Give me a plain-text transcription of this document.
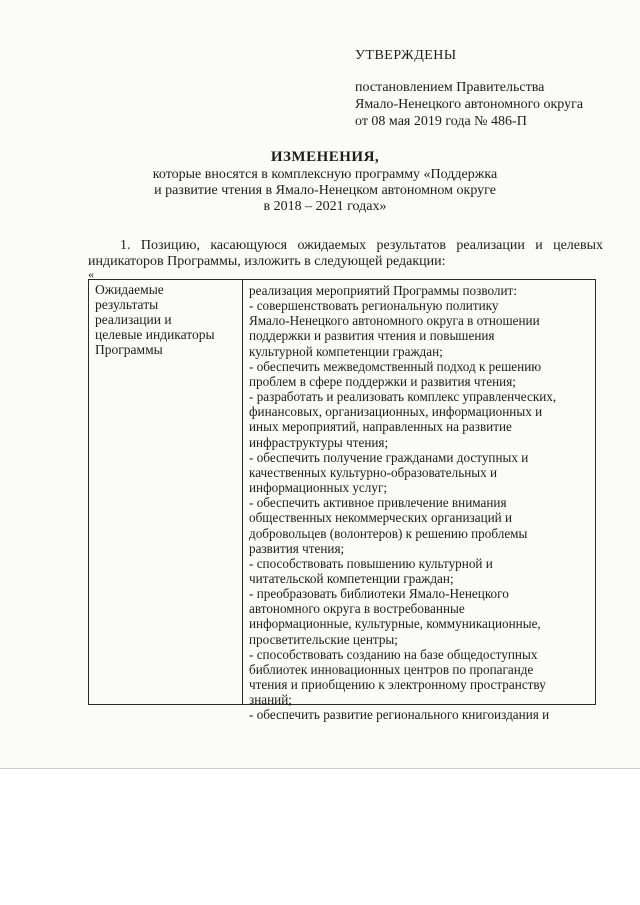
УТВЕРЖДЕНЫ
постановлением Правительства
Ямало-Ненецкого автономного округа
от 08 мая 2019 года № 486-П
ИЗМЕНЕНИЯ,
которые вносятся в комплексную программу «Поддержка
и развитие чтения в Ямало-Ненецком автономном округе
в 2018 – 2021 годах»
1. Позицию, касающуюся ожидаемых результатов реализации и целевых
индикаторов Программы, изложить в следующей редакции:
«
Ожидаемые
результаты
реализации и
целевые индикаторы
Программы
реализация мероприятий Программы позволит:
- совершенствовать региональную политику
Ямало-Ненецкого автономного округа в отношении
поддержки и развития чтения и повышения
культурной компетенции граждан;
- обеспечить межведомственный подход к решению
проблем в сфере поддержки и развития чтения;
- разработать и реализовать комплекс управленческих,
финансовых, организационных, информационных и
иных мероприятий, направленных на развитие
инфраструктуры чтения;
- обеспечить получение гражданами доступных и
качественных культурно-образовательных и
информационных услуг;
- обеспечить активное привлечение внимания
общественных некоммерческих организаций и
добровольцев (волонтеров) к решению проблемы
развития чтения;
- способствовать повышению культурной и
читательской компетенции граждан;
- преобразовать библиотеки Ямало-Ненецкого
автономного округа в востребованные
информационные, культурные, коммуникационные,
просветительские центры;
- способствовать созданию на базе общедоступных
библиотек инновационных центров по пропаганде
чтения и приобщению к электронному пространству
знаний;
- обеспечить развитие регионального книгоиздания и
